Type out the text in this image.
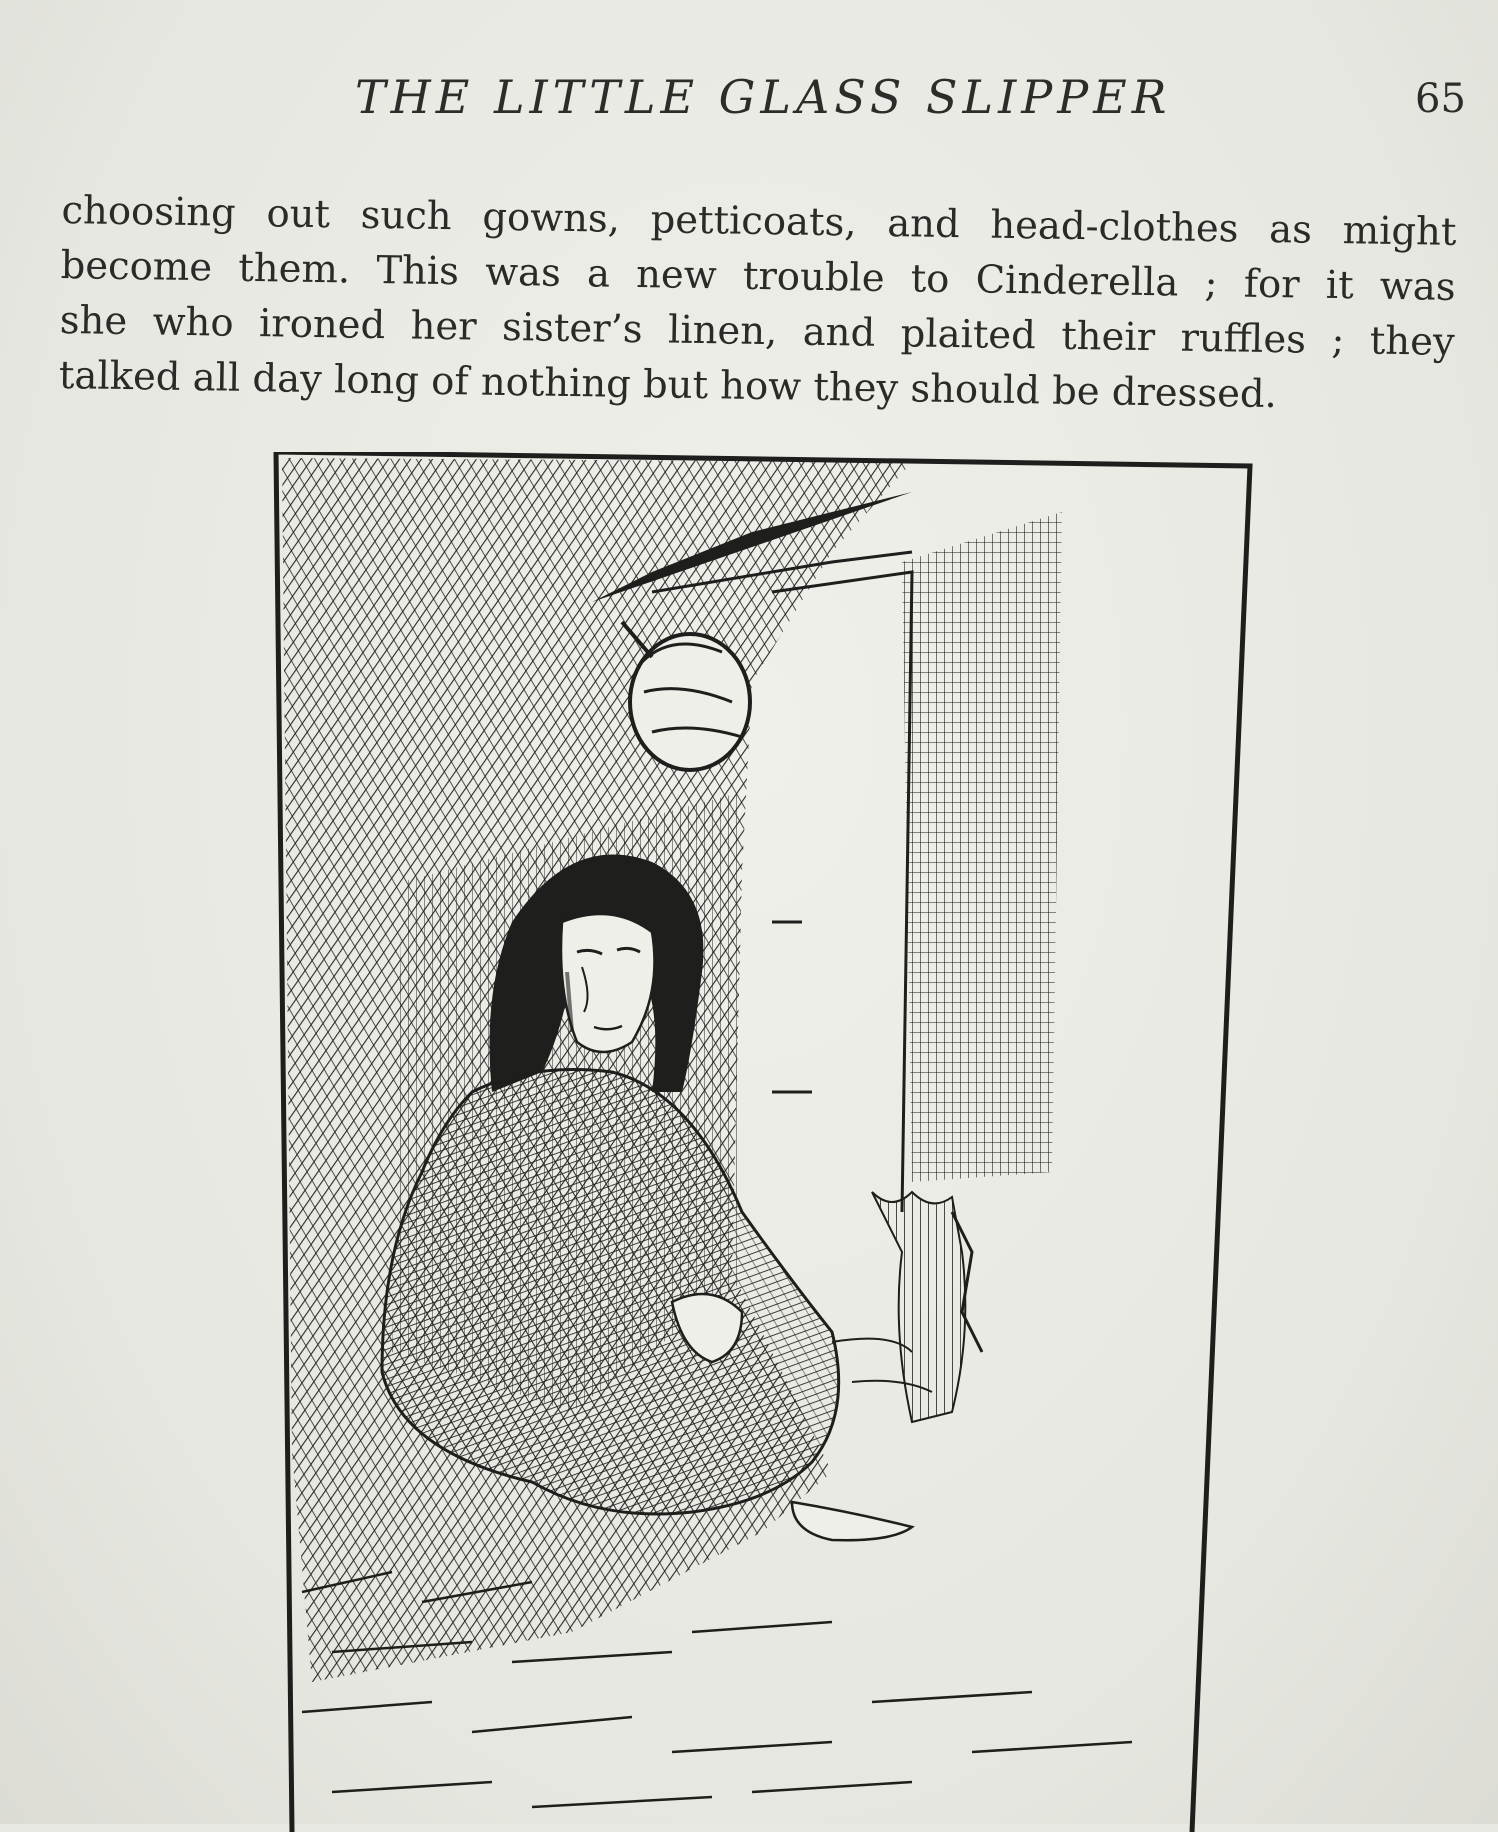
THE LITTLE GLASS SLIPPER	65
choosing out such gowns, petticoats, and head-clothes as might
become them. This was a new trouble to Cinderella ; for it was
she who ironed her sister’s linen, and plaited their ruffles ; they
talked all day long of nothing but how they should be dressed.
